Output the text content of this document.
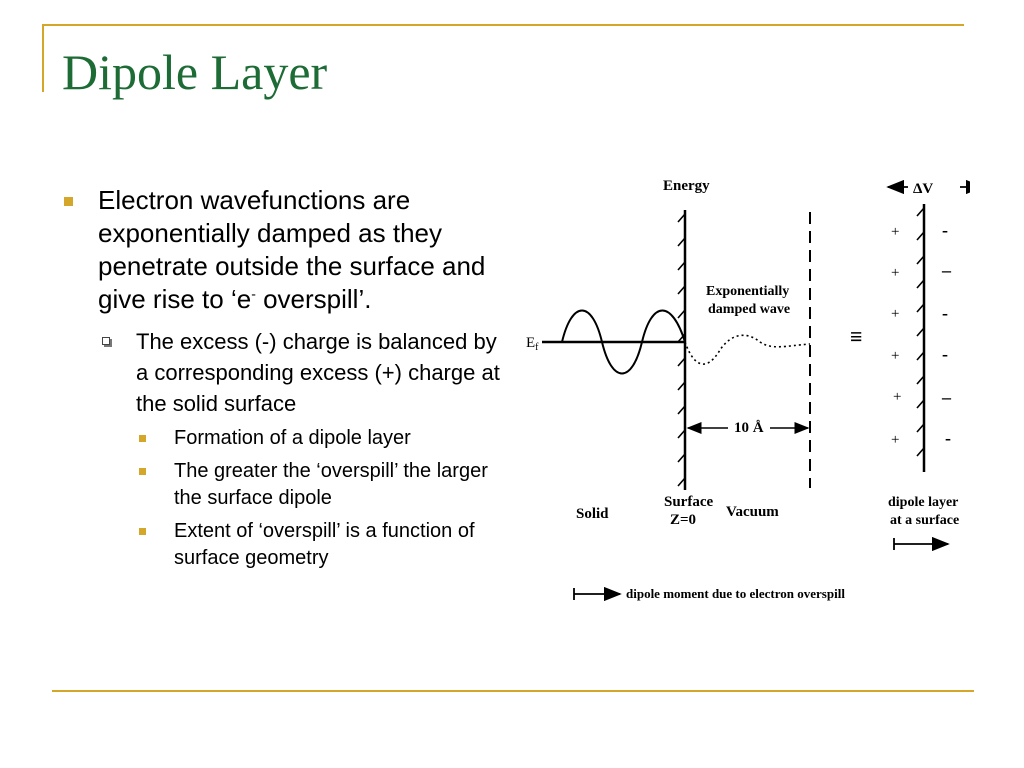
Dipole Layer
Electron wavefunctions are exponentially damped as they penetrate outside the surface and give rise to ‘e- overspill’.
The excess (-) charge is balanced by a corresponding excess (+) charge at the solid surface
Formation of a dipole layer
The greater the ‘overspill’ the larger the surface dipole
Extent of ‘overspill’ is a function of surface geometry
Energy
$E_f$
Exponentially damped wave
10 Å
Solid
Surface Z=0	Vacuum
≡
ΔV
+
+
+
+
+
+
-
–
-
-
–
-
dipole layer at a surface
dipole moment due to electron overspill
